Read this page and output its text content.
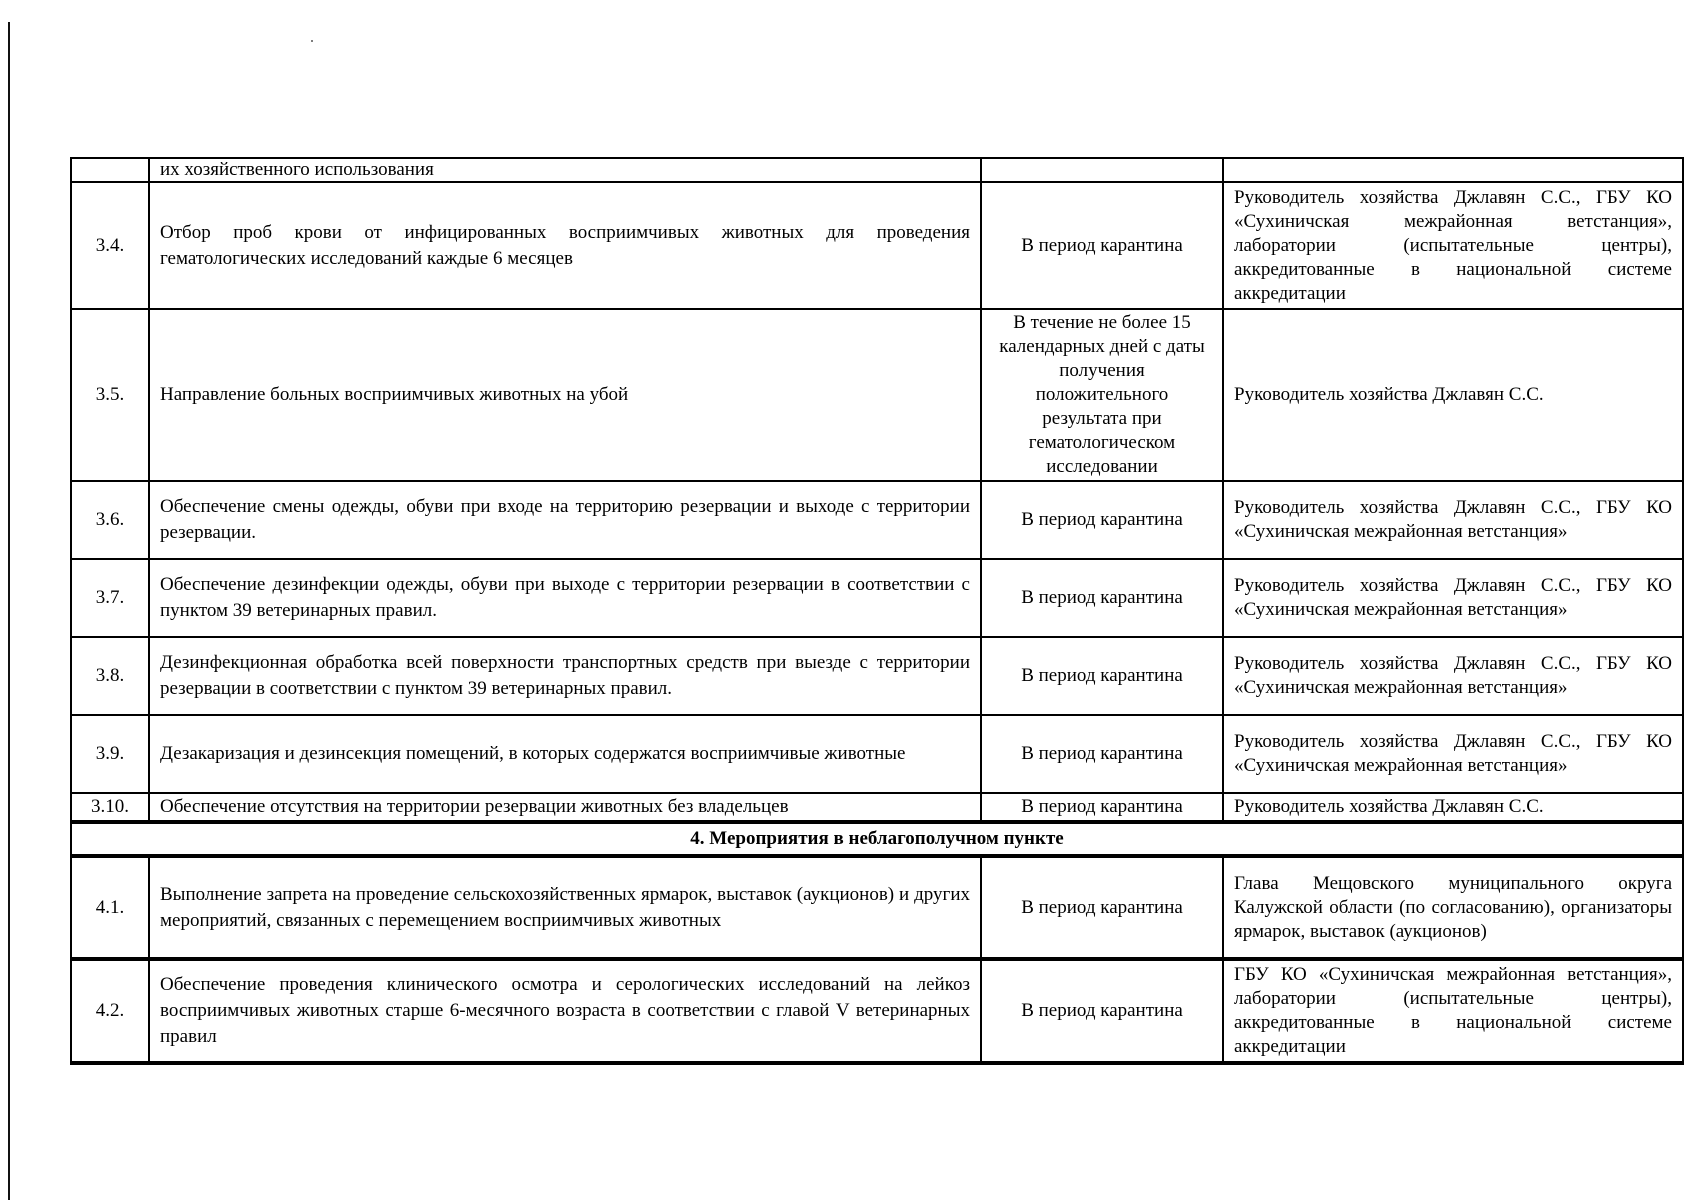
	их хозяйственного использования		
3.4.	Отбор проб крови от инфицированных восприимчивых животных для проведения гематологических исследований каждые 6 месяцев	В период карантина	Руководитель хозяйства Джлавян С.С., ГБУ КО «Сухиничская межрайонная ветстанция», лаборатории (испытательные центры), аккредитованные в национальной системе аккредитации
3.5.	Направление больных восприимчивых животных на убой	В течение не более 15 календарных дней с даты получения положительного результата при гематологическом исследовании	Руководитель хозяйства Джлавян С.С.
3.6.	Обеспечение смены одежды, обуви при входе на территорию резервации и выходе с территории резервации.	В период карантина	Руководитель хозяйства Джлавян С.С., ГБУ КО «Сухиничская межрайонная ветстанция»
3.7.	Обеспечение дезинфекции одежды, обуви при выходе с территории резервации в соответствии с пунктом 39 ветеринарных правил.	В период карантина	Руководитель хозяйства Джлавян С.С., ГБУ КО «Сухиничская межрайонная ветстанция»
3.8.	Дезинфекционная обработка всей поверхности транспортных средств при выезде с территории резервации в соответствии с пунктом 39 ветеринарных правил.	В период карантина	Руководитель хозяйства Джлавян С.С., ГБУ КО «Сухиничская межрайонная ветстанция»
3.9.	Дезакаризация и дезинсекция помещений, в которых содержатся восприимчивые животные	В период карантина	Руководитель хозяйства Джлавян С.С., ГБУ КО «Сухиничская межрайонная ветстанция»
3.10.	Обеспечение отсутствия на территории резервации животных без владельцев	В период карантина	Руководитель хозяйства Джлавян С.С.
4. Мероприятия в неблагополучном пункте			
4.1.	Выполнение запрета на проведение сельскохозяйственных ярмарок, выставок (аукционов) и других мероприятий, связанных с перемещением восприимчивых животных	В период карантина	Глава Мещовского муниципального округа Калужской области (по согласованию), организаторы ярмарок, выставок (аукционов)
4.2.	Обеспечение проведения клинического осмотра и серологических исследований на лейкоз восприимчивых животных старше 6-месячного возраста в соответствии с главой V ветеринарных правил	В период карантина	ГБУ КО «Сухиничская межрайонная ветстанция», лаборатории (испытательные центры), аккредитованные в национальной системе аккредитации
